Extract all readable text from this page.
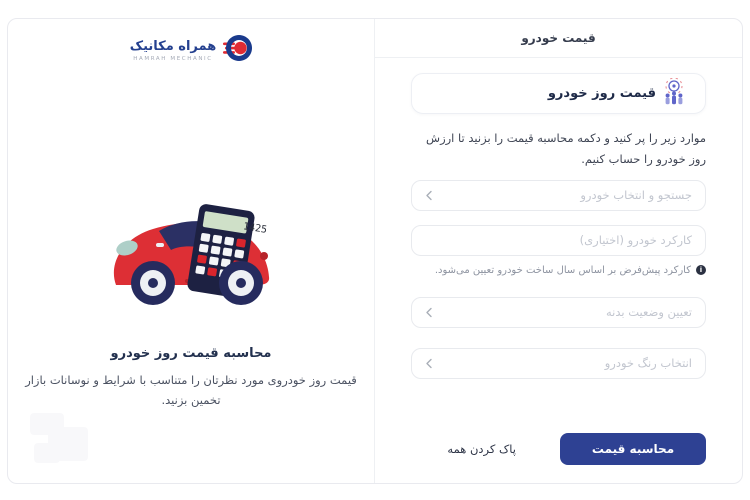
قیمت خودرو
قیمت روز خودرو

موارد زیر را پر کنید و دکمه محاسبه قیمت را بزنید تا ارزش روز خودرو را حساب کنیم.

جستجو و انتخاب خودرو
کارکرد خودرو (اختیاری)
i
کارکرد پیش‌فرض بر اساس سال ساخت خودرو تعیین می‌شود.
تعیین وضعیت بدنه
انتخاب رنگ خودرو
محاسبه قیمت
پاک کردن همه
همراه مکانیک
HAMRAH MECHANIC
1425
محاسبه قیمت روز خودرو

قیمت روز خودروی مورد نظرتان را متناسب با شرایط و نوسانات بازار تخمین بزنید.
